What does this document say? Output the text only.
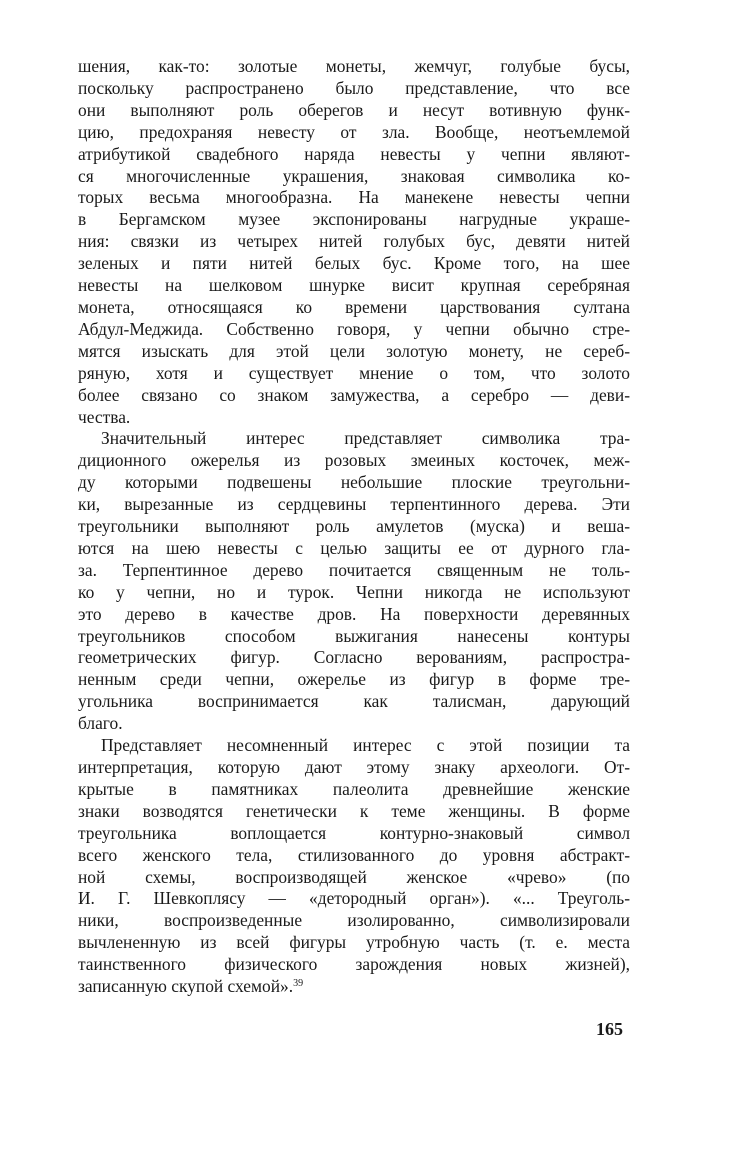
шения, как-то: золотые монеты, жемчуг, голубые бусы,
поскольку распространено было представление, что все
они выполняют роль оберегов и несут вотивную функ-
цию, предохраняя невесту от зла. Вообще, неотъемлемой
атрибутикой свадебного наряда невесты у чепни являют-
ся многочисленные украшения, знаковая символика ко-
торых весьма многообразна. На манекене невесты чепни
в Бергамском музее экспонированы нагрудные украше-
ния: связки из четырех нитей голубых бус, девяти нитей
зеленых и пяти нитей белых бус. Кроме того, на шее
невесты на шелковом шнурке висит крупная серебряная
монета, относящаяся ко времени царствования султана
Абдул-Меджида. Собственно говоря, у чепни обычно стре-
мятся изыскать для этой цели золотую монету, не сереб-
ряную, хотя и существует мнение о том, что золото
более связано со знаком замужества, а серебро — деви-
чества.
Значительный интерес представляет символика тра-
диционного ожерелья из розовых змеиных косточек, меж-
ду которыми подвешены небольшие плоские треугольни-
ки, вырезанные из сердцевины терпентинного дерева. Эти
треугольники выполняют роль амулетов (муска) и веша-
ются на шею невесты с целью защиты ее от дурного гла-
за. Терпентинное дерево почитается священным не толь-
ко у чепни, но и турок. Чепни никогда не используют
это дерево в качестве дров. На поверхности деревянных
треугольников способом выжигания нанесены контуры
геометрических фигур. Согласно верованиям, распростра-
ненным среди чепни, ожерелье из фигур в форме тре-
угольника воспринимается как талисман, дарующий
благо.
Представляет несомненный интерес с этой позиции та
интерпретация, которую дают этому знаку археологи. От-
крытые в памятниках палеолита древнейшие женские
знаки возводятся генетически к теме женщины. В форме
треугольника воплощается контурно-знаковый символ
всего женского тела, стилизованного до уровня абстракт-
ной схемы, воспроизводящей женское «чрево» (по
И. Г. Шевкоплясу — «детородный орган»). «... Треуголь-
ники, воспроизведенные изолированно, символизировали
вычлененную из всей фигуры утробную часть (т. е. места
таинственного физического зарождения новых жизней),
записанную скупой схемой».$^{39}$
165
